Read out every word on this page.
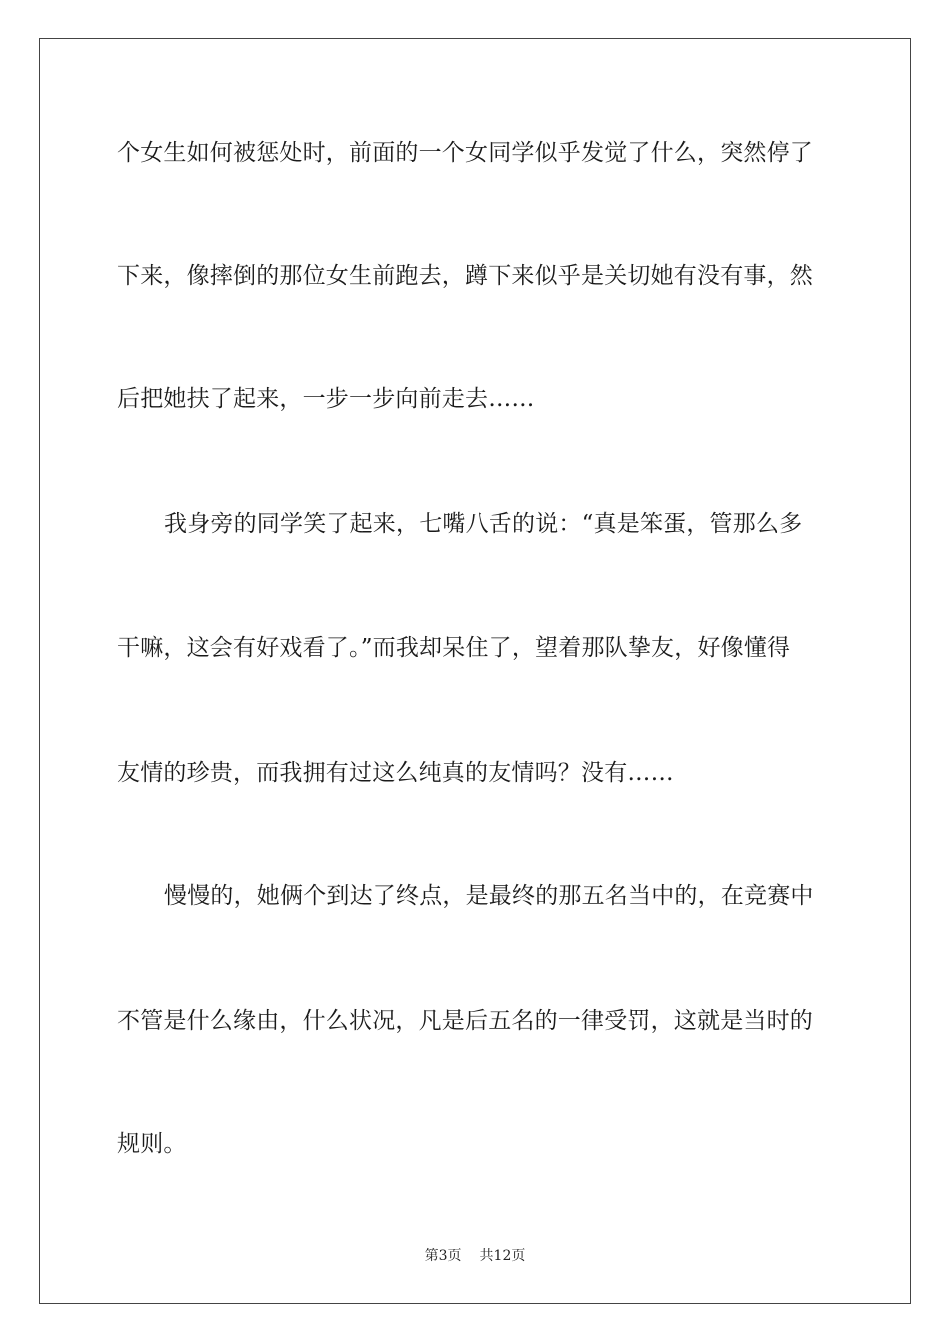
个女生如何被惩处时，前面的一个女同学似乎发觉了什么，突然停了
下来，像摔倒的那位女生前跑去，蹲下来似乎是关切她有没有事，然
后把她扶了起来，一步一步向前走去……
我身旁的同学笑了起来，七嘴八舌的说：“真是笨蛋，管那么多
干嘛，这会有好戏看了。”而我却呆住了，望着那队挚友，好像懂得
友情的珍贵，而我拥有过这么纯真的友情吗？没有……
慢慢的，她俩个到达了终点，是最终的那五名当中的，在竞赛中
不管是什么缘由，什么状况，凡是后五名的一律受罚，这就是当时的
规则。
第3页 共12页
